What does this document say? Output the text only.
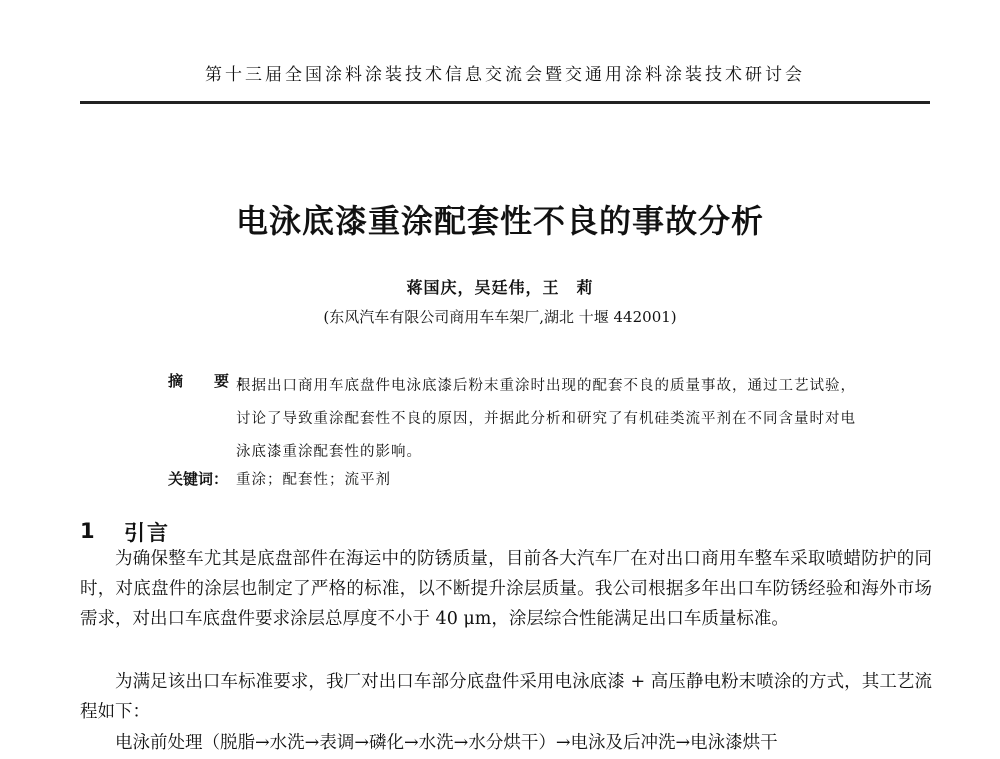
第十三届全国涂料涂装技术信息交流会暨交通用涂料涂装技术研讨会
电泳底漆重涂配套性不良的事故分析
蒋国庆，吴廷伟，王　莉
(东风汽车有限公司商用车车架厂,湖北 十堰 442001)
摘　要：
根据出口商用车底盘件电泳底漆后粉末重涂时出现的配套不良的质量事故，通过工艺试验，讨论了导致重涂配套性不良的原因，并据此分析和研究了有机硅类流平剂在不同含量时对电泳底漆重涂配套性的影响。
关键词： 重涂；配套性；流平剂
1 引言
为确保整车尤其是底盘部件在海运中的防锈质量，目前各大汽车厂在对出口商用车整车采取喷蜡防护的同时，对底盘件的涂层也制定了严格的标准，以不断提升涂层质量。我公司根据多年出口车防锈经验和海外市场需求，对出口车底盘件要求涂层总厚度不小于 40 μm，涂层综合性能满足出口车质量标准。
为满足该出口车标准要求，我厂对出口车部分底盘件采用电泳底漆 + 高压静电粉末喷涂的方式，其工艺流程如下：
电泳前处理（脱脂→水洗→表调→磷化→水洗→水分烘干）→电泳及后冲洗→电泳漆烘干
